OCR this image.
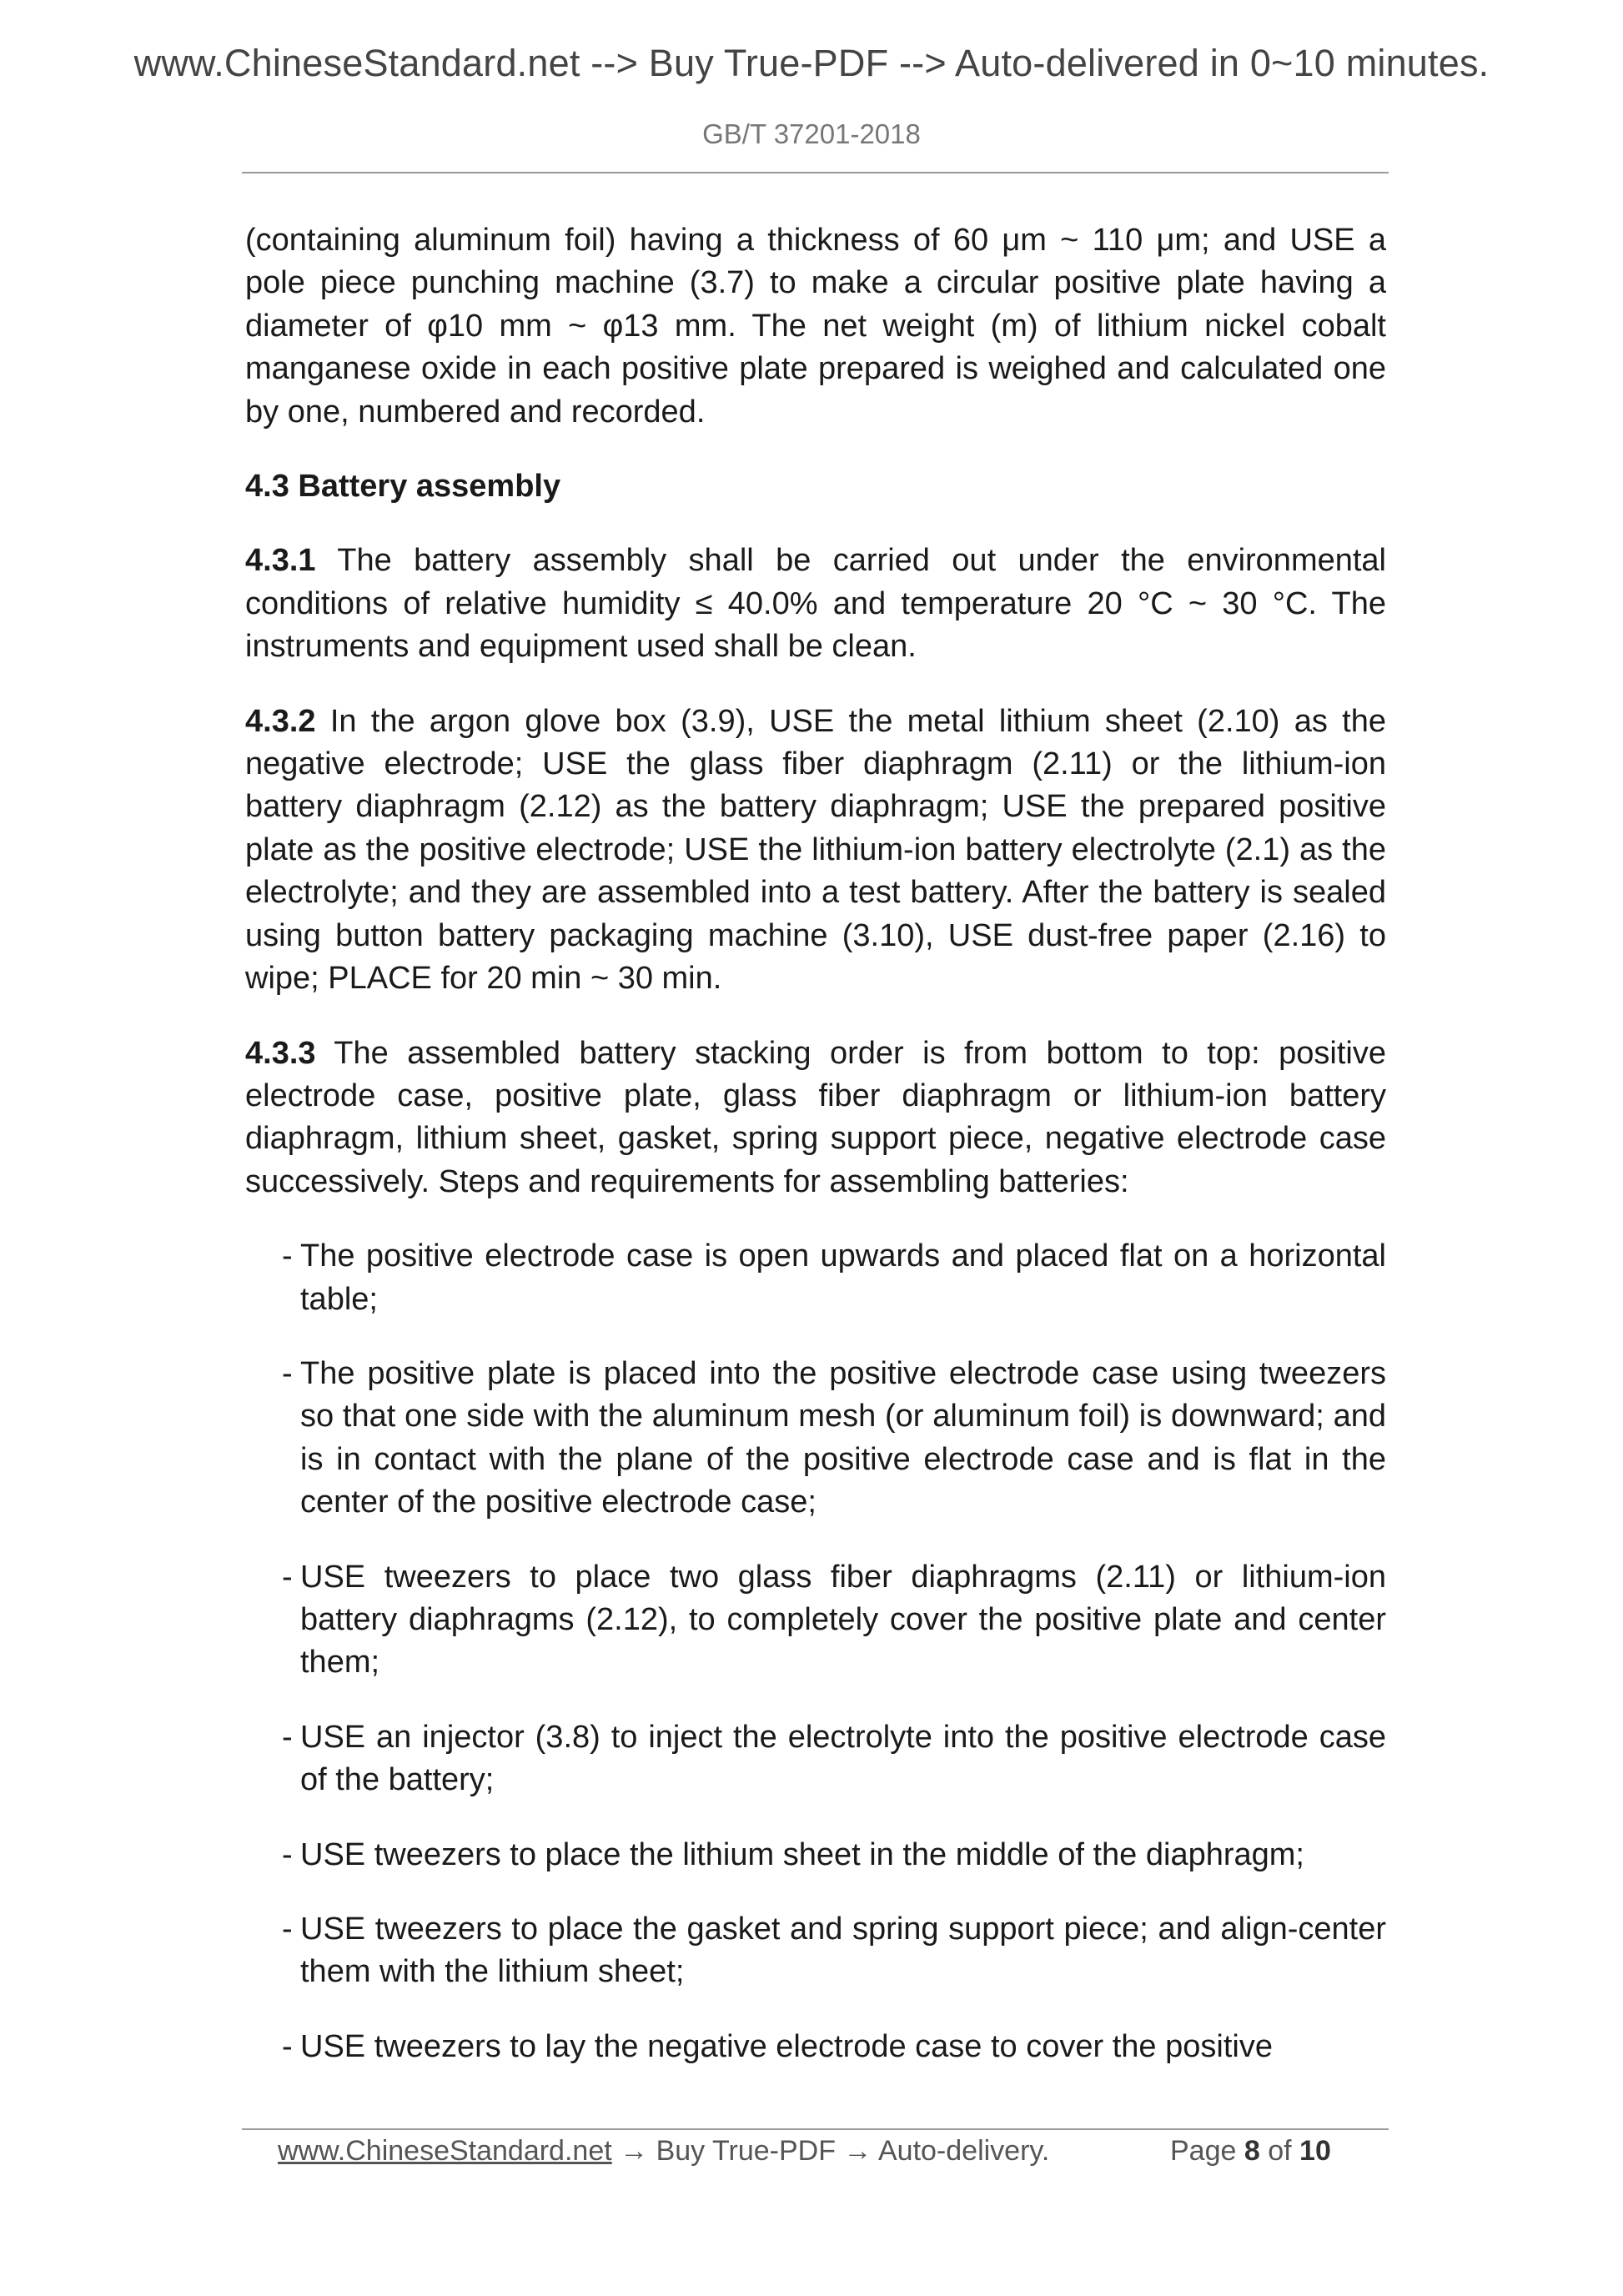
www.ChineseStandard.net --> Buy True-PDF --> Auto-delivered in 0~10 minutes.
GB/T 37201-2018

(containing aluminum foil) having a thickness of 60 μm ~ 110 μm; and USE a pole piece punching machine (3.7) to make a circular positive plate having a diameter of φ10 mm ~ φ13 mm. The net weight (m) of lithium nickel cobalt manganese oxide in each positive plate prepared is weighed and calculated one by one, numbered and recorded.

4.3 Battery assembly

4.3.1 The battery assembly shall be carried out under the environmental conditions of relative humidity ≤ 40.0% and temperature 20 °C ~ 30 °C. The instruments and equipment used shall be clean.

4.3.2 In the argon glove box (3.9), USE the metal lithium sheet (2.10) as the negative electrode; USE the glass fiber diaphragm (2.11) or the lithium-ion battery diaphragm (2.12) as the battery diaphragm; USE the prepared positive plate as the positive electrode; USE the lithium-ion battery electrolyte (2.1) as the electrolyte; and they are assembled into a test battery. After the battery is sealed using button battery packaging machine (3.10), USE dust-free paper (2.16) to wipe; PLACE for 20 min ~ 30 min.

4.3.3 The assembled battery stacking order is from bottom to top: positive electrode case, positive plate, glass fiber diaphragm or lithium-ion battery diaphragm, lithium sheet, gasket, spring support piece, negative electrode case successively. Steps and requirements for assembling batteries:

- The positive electrode case is open upwards and placed flat on a horizontal table;
- The positive plate is placed into the positive electrode case using tweezers so that one side with the aluminum mesh (or aluminum foil) is downward; and is in contact with the plane of the positive electrode case and is flat in the center of the positive electrode case;
- USE tweezers to place two glass fiber diaphragms (2.11) or lithium-ion battery diaphragms (2.12), to completely cover the positive plate and center them;
- USE an injector (3.8) to inject the electrolyte into the positive electrode case of the battery;
- USE tweezers to place the lithium sheet in the middle of the diaphragm;
- USE tweezers to place the gasket and spring support piece; and align-center them with the lithium sheet;
- USE tweezers to lay the negative electrode case to cover the positive
www.ChineseStandard.net → Buy True-PDF → Auto-delivery.	Page 8 of 10
